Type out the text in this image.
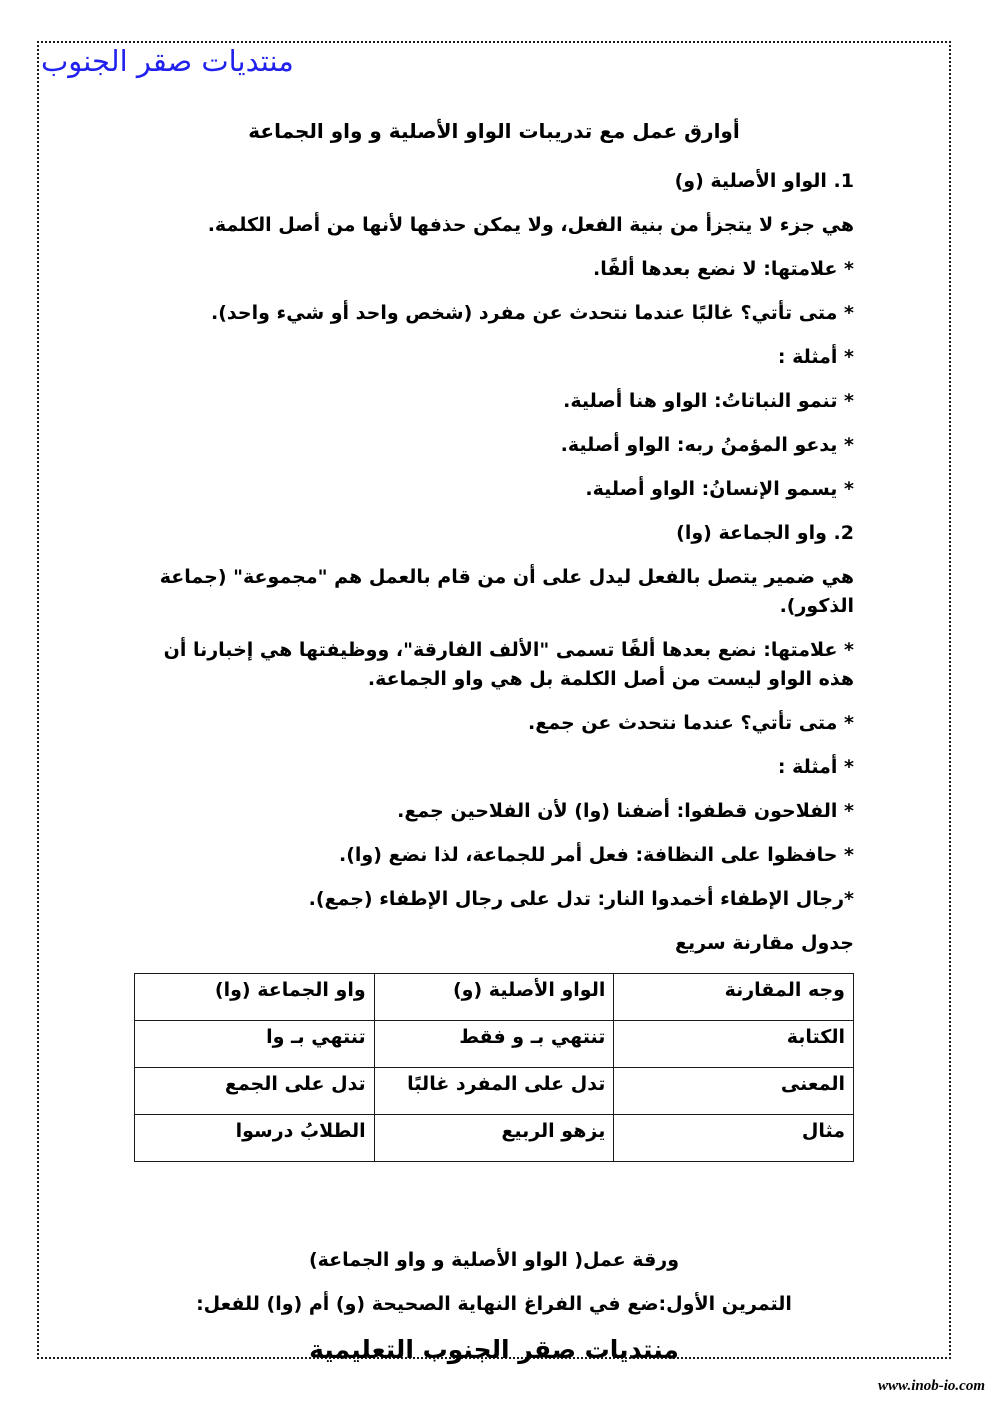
منتديات صقر الجنوب
أوارق عمل مع تدريبات الواو الأصلية و واو الجماعة
1. الواو الأصلية (و)

هي جزء لا يتجزأ من بنية الفعل، ولا يمكن حذفها لأنها من أصل الكلمة.

* علامتها: لا نضع بعدها ألفًا.

* متى تأتي؟ غالبًا عندما نتحدث عن مفرد (شخص واحد أو شيء واحد).

* أمثلة :

* تنمو النباتاتُ: الواو هنا أصلية.

* يدعو المؤمنُ ربه: الواو أصلية.

* يسمو الإنسانُ: الواو أصلية.

2. واو الجماعة (وا)

هي ضمير يتصل بالفعل ليدل على أن من قام بالعمل هم "مجموعة" (جماعة الذكور).

* علامتها: نضع بعدها ألفًا تسمى "الألف الفارقة"، ووظيفتها هي إخبارنا أن هذه الواو ليست من أصل الكلمة بل هي واو الجماعة.

* متى تأتي؟ عندما نتحدث عن جمع.

* أمثلة :

* الفلاحون قطفوا: أضفنا (وا) لأن الفلاحين جمع.

* حافظوا على النظافة: فعل أمر للجماعة، لذا نضع (وا).

*رجال الإطفاء أخمدوا النار: تدل على رجال الإطفاء (جمع).

جدول مقارنة سريع
وجه المقارنة	الواو الأصلية (و)	واو الجماعة (وا)
الكتابة	تنتهي بـ و فقط	تنتهي بـ وا
المعنى	تدل على المفرد غالبًا	تدل على الجمع
مثال	يزهو الربيع	الطلابُ درسوا
ورقة عمل( الواو الأصلية و واو الجماعة)
التمرين الأول:ضع في الفراغ النهاية الصحيحة (و) أم (وا) للفعل:
منتديات صقر الجنوب التعليمية
www.inob-io.com
